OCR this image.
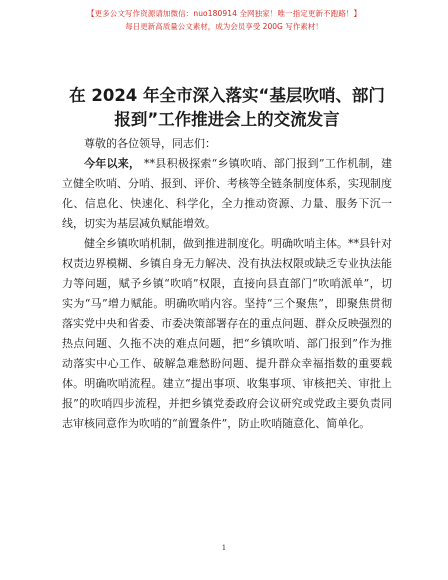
【更多公文写作资源请加微信：nuo180914 全网独家！唯一指定更新不跑路！】
每日更新高质量公文素材，成为会员享受 200G 写作素材！
在 2024 年全市深入落实“基层吹哨、部门报到”工作推进会上的交流发言

尊敬的各位领导，同志们：

今年以来， **县积极探索“乡镇吹哨、部门报到”工作机制，建立健全吹哨、分哨、报到、评价、考核等全链条制度体系，实现制度化、信息化、快速化、科学化，全力推动资源、力量、服务下沉一线，切实为基层减负赋能增效。

健全乡镇吹哨机制，做到推进制度化。明确吹哨主体。**县针对权责边界模糊、乡镇自身无力解决、没有执法权限或缺乏专业执法能力等问题，赋予乡镇“吹哨”权限，直接向县直部门“吹哨派单”，切实为“马”增力赋能。明确吹哨内容。坚持“三个聚焦”，即聚焦贯彻落实党中央和省委、市委决策部署存在的重点问题、群众反映强烈的热点问题、久拖不决的难点问题，把“乡镇吹哨、部门报到”作为推动落实中心工作、破解急难愁盼问题、提升群众幸福指数的重要载体。明确吹哨流程。建立“提出事项、收集事项、审核把关、审批上报”的吹哨四步流程，并把乡镇党委政府会议研究或党政主要负责同志审核同意作为吹哨的“前置条件”，防止吹哨随意化、简单化。

1
